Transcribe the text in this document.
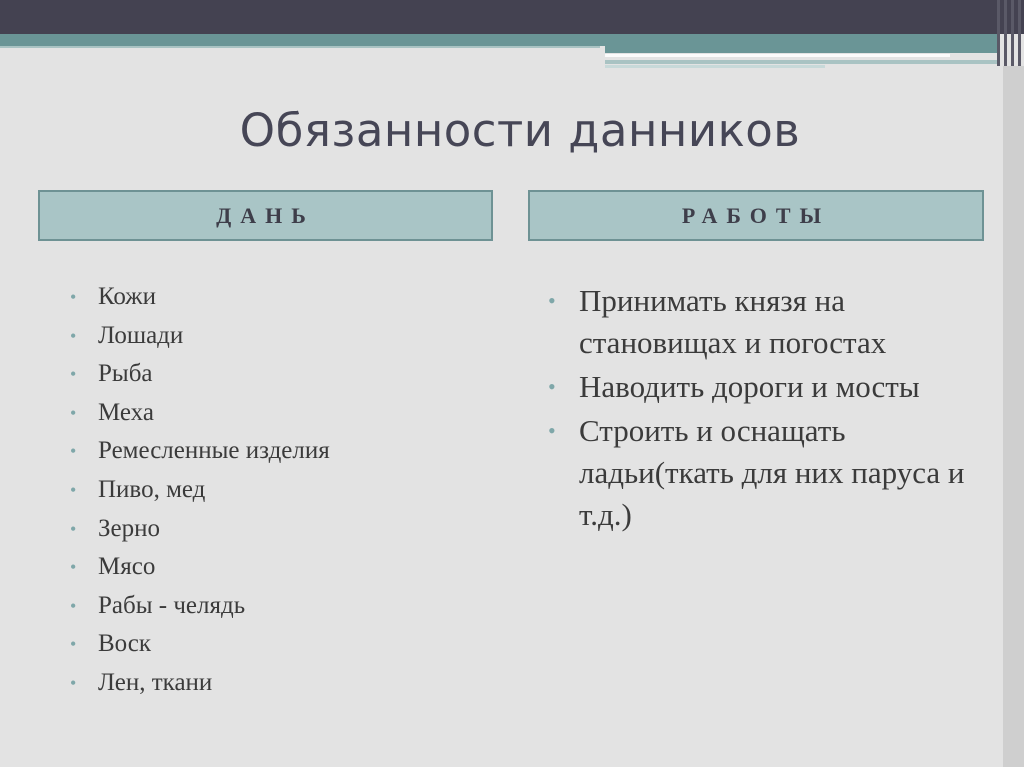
Обязанности данников
ДАНЬ	РАБОТЫ
• Кожи
• Лошади
• Рыба
• Меха
• Ремесленные изделия
• Пиво, мед
• Зерно
• Мясо
• Рабы - челядь
• Воск
• Лен, ткани
• Принимать князя на становищах и погостах
• Наводить дороги и мосты
• Строить и оснащать ладьи(ткать для них паруса и т.д.)
